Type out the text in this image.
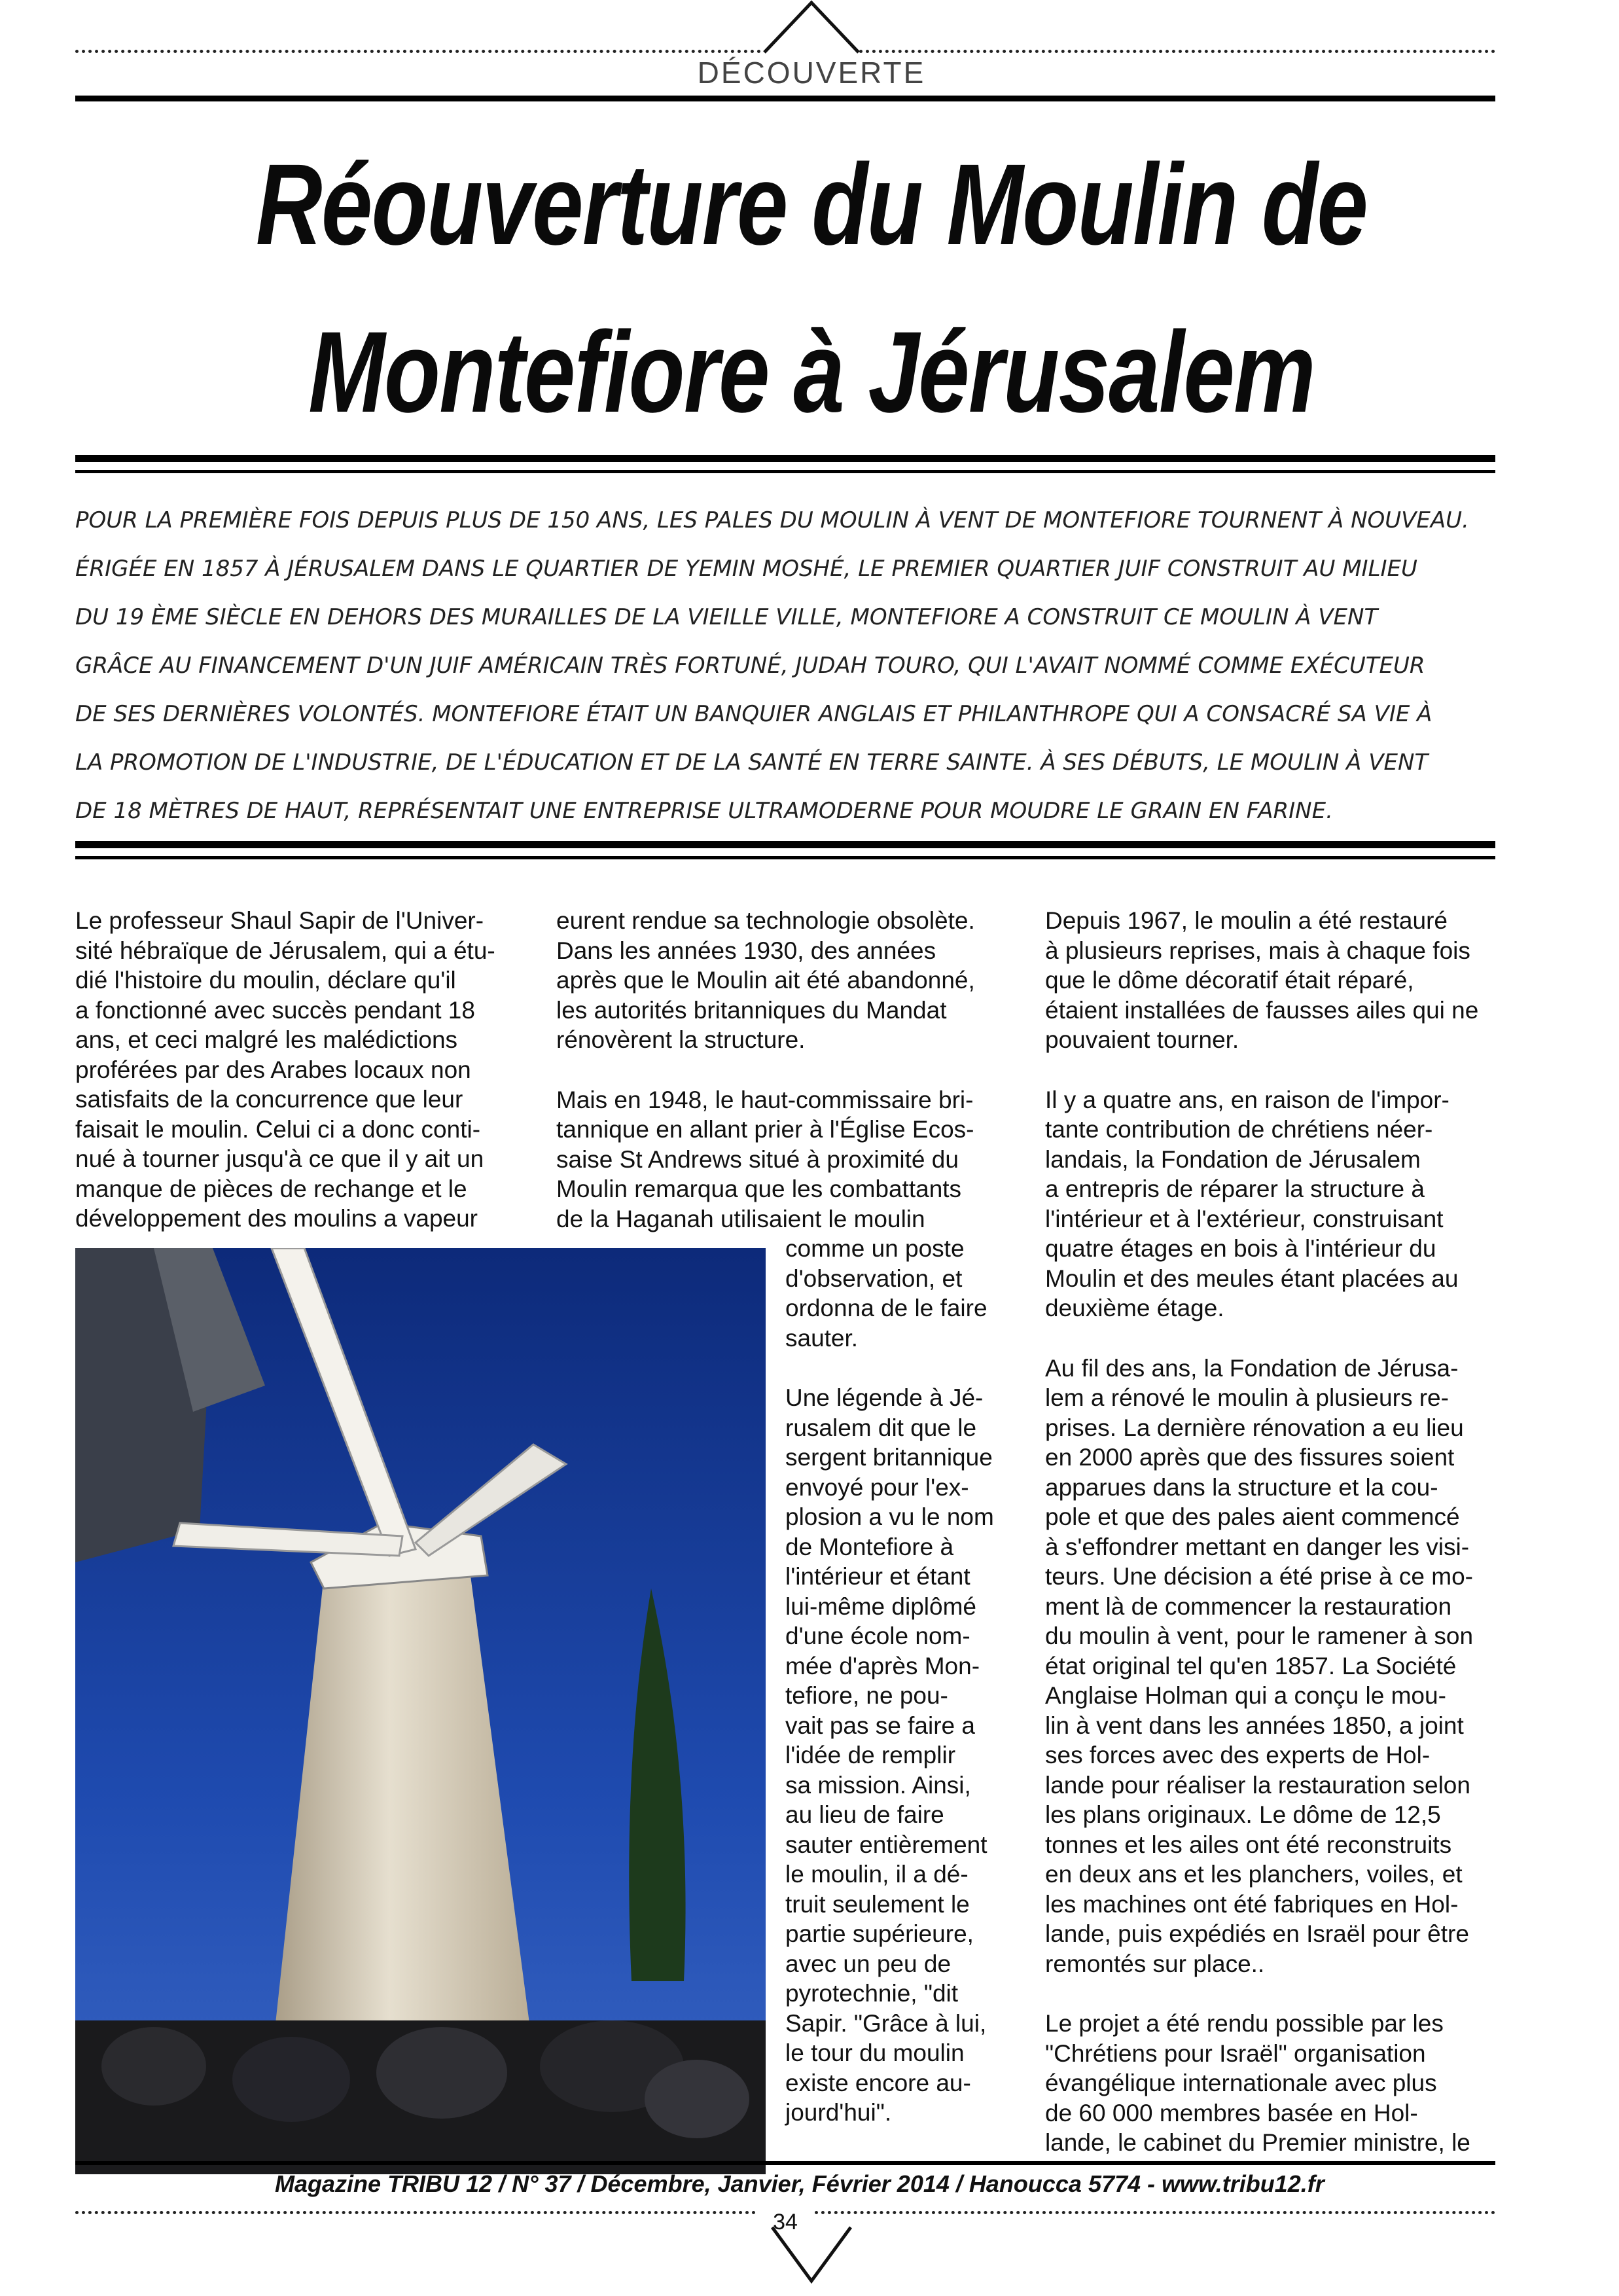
DÉCOUVERTE
Réouverture du Moulin de
Montefiore à Jérusalem
POUR LA PREMIÈRE FOIS DEPUIS PLUS DE 150 ANS, LES PALES DU MOULIN À VENT DE MONTEFIORE TOURNENT À NOUVEAU.
ÉRIGÉE EN 1857 À JÉRUSALEM DANS LE QUARTIER DE YEMIN MOSHÉ, LE PREMIER QUARTIER JUIF CONSTRUIT AU MILIEU
DU 19 ÈME SIÈCLE EN DEHORS DES MURAILLES DE LA VIEILLE VILLE, MONTEFIORE A CONSTRUIT CE MOULIN À VENT
GRÂCE AU FINANCEMENT D'UN JUIF AMÉRICAIN TRÈS FORTUNÉ, JUDAH TOURO, QUI L'AVAIT NOMMÉ COMME EXÉCUTEUR
DE SES DERNIÈRES VOLONTÉS. MONTEFIORE ÉTAIT UN BANQUIER ANGLAIS ET PHILANTHROPE QUI A CONSACRÉ SA VIE À
LA PROMOTION DE L'INDUSTRIE, DE L'ÉDUCATION ET DE LA SANTÉ EN TERRE SAINTE. À SES DÉBUTS, LE MOULIN À VENT
DE 18 MÈTRES DE HAUT, REPRÉSENTAIT UNE ENTREPRISE ULTRAMODERNE POUR MOUDRE LE GRAIN EN FARINE.
Le professeur Shaul Sapir de l'Univer-
sité hébraïque de Jérusalem, qui a étu-
dié l'histoire du moulin, déclare qu'il
a fonctionné avec succès pendant 18
ans, et ceci malgré les malédictions
proférées par des Arabes locaux non
satisfaits de la concurrence que leur
faisait le moulin. Celui ci a donc conti-
nué à tourner jusqu'à ce que il y ait un
manque de pièces de rechange et le
développement des moulins a vapeur
eurent rendue sa technologie obsolète.
Dans les années 1930, des années
après que le Moulin ait été abandonné,
les autorités britanniques du Mandat
rénovèrent la structure.
Mais en 1948, le haut-commissaire bri-
tannique en allant prier à l'Église Ecos-
saise St Andrews situé à proximité du
Moulin remarqua que les combattants
de la Haganah utilisaient le moulin
comme un poste
d'observation, et
ordonna de le faire
sauter.
Une légende à Jé-
rusalem dit que le
sergent britannique
envoyé pour l'ex-
plosion a vu le nom
de Montefiore à
l'intérieur et étant
lui-même diplômé
d'une école nom-
mée d'après Mon-
tefiore, ne pou-
vait pas se faire a
l'idée de remplir
sa mission. Ainsi,
au lieu de faire
sauter entièrement
le moulin, il a dé-
truit seulement le
partie supérieure,
avec un peu de
pyrotechnie, "dit
Sapir. "Grâce à lui,
le tour du moulin
existe encore au-
jourd'hui".
Depuis 1967, le moulin a été restauré
à plusieurs reprises, mais à chaque fois
que le dôme décoratif était réparé,
étaient installées de fausses ailes qui ne
pouvaient tourner.
Il y a quatre ans, en raison de l'impor-
tante contribution de chrétiens néer-
landais, la Fondation de Jérusalem
a entrepris de réparer la structure à
l'intérieur et à l'extérieur, construisant
quatre étages en bois à l'intérieur du
Moulin et des meules étant placées au
deuxième étage.
Au fil des ans, la Fondation de Jérusa-
lem a rénové le moulin à plusieurs re-
prises. La dernière rénovation a eu lieu
en 2000 après que des fissures soient
apparues dans la structure et la cou-
pole et que des pales aient commencé
à s'effondrer mettant en danger les visi-
teurs. Une décision a été prise à ce mo-
ment là de commencer la restauration
du moulin à vent, pour le ramener à son
état original tel qu'en 1857. La Société
Anglaise Holman qui a conçu le mou-
lin à vent dans les années 1850, a joint
ses forces avec des experts de Hol-
lande pour réaliser la restauration selon
les plans originaux. Le dôme de 12,5
tonnes et les ailes ont été reconstruits
en deux ans et les planchers, voiles, et
les machines ont été fabriques en Hol-
lande, puis expédiés en Israël pour être
remontés sur place..
Le projet a été rendu possible par les
"Chrétiens pour Israël" organisation
évangélique internationale avec plus
de 60 000 membres basée en Hol-
lande, le cabinet du Premier ministre, le
Magazine TRIBU 12 / N° 37 / Décembre, Janvier, Février 2014 / Hanoucca 5774 - www.tribu12.fr
34
